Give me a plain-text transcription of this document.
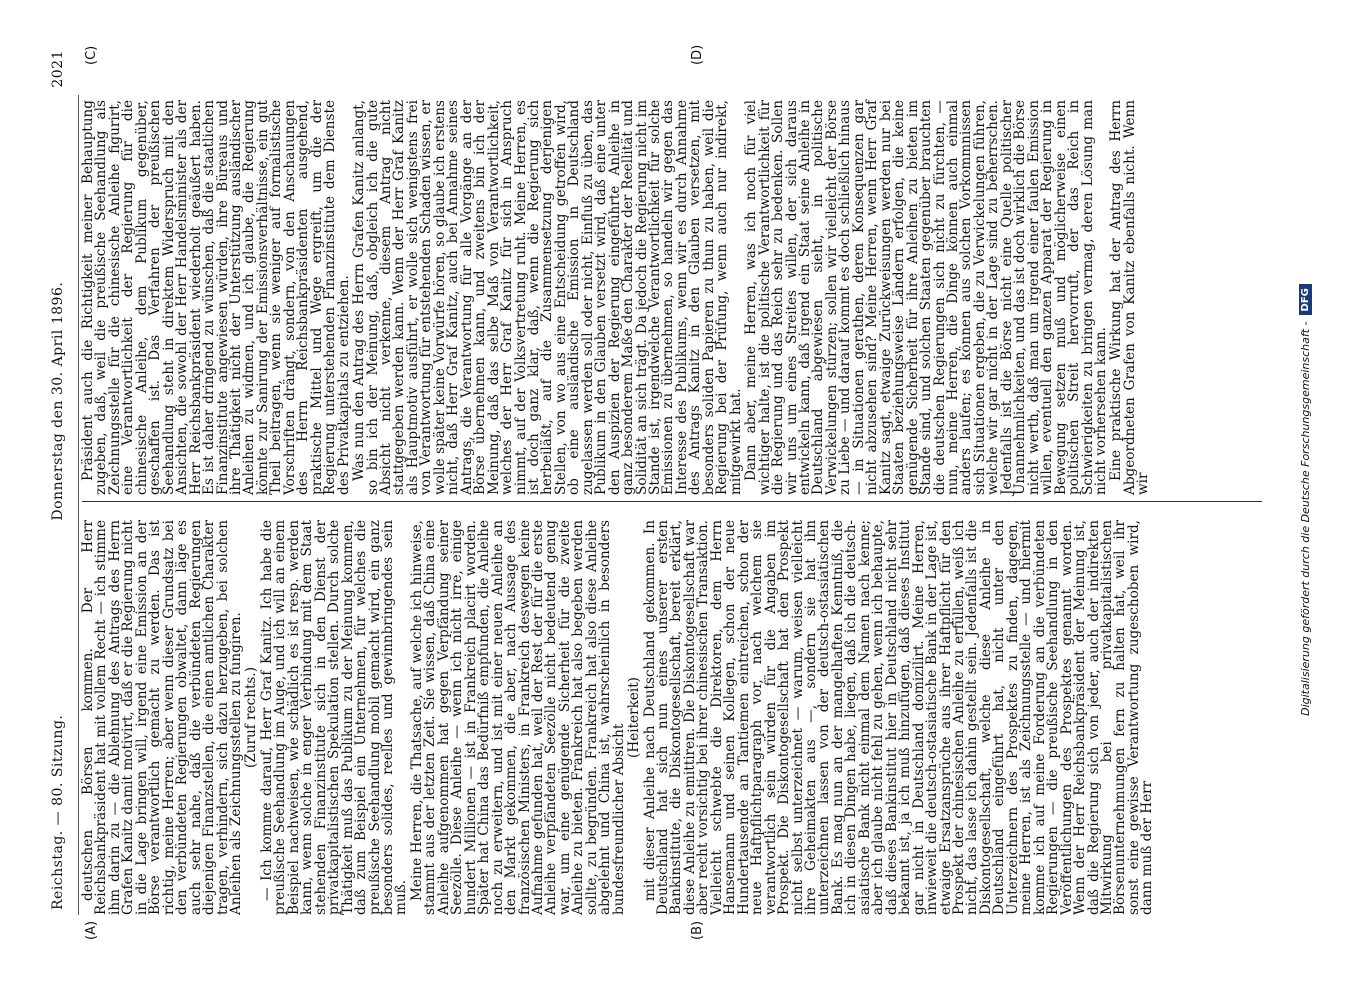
Reichstag. — 80. Sitzung.
Donnerstag den 30. April 1896.
2021
(A)	(B)
(C)	(D)

deutschen Börsen kommen. Der Herr Reichsbankpräsident hat mit vollem Recht — ich stimme ihm darin zu — die Ablehnung des Antrags des Herrn Grafen Kanitz damit motivirt, daß er die Regierung nicht in die Lage bringen will, irgend eine Emission an der Börse verantwortlich gemacht zu werden. Das ist richtig, meine Herren; aber wenn dieser Grundsatz bei den verbündeten Regierungen obwaltet, dann läge es auch sehr nahe, daß die verbündeten Regierungen diejenigen Finanzstellen, die einen amtlichen Charakter tragen, verhindern, sich dazu herzugeben, bei solchen Anleihen als Zeichnungsstellen zu fungiren. (Zuruf rechts.) — Ich komme darauf, Herr Graf Kanitz. Ich habe die preußische Seehandlung im Auge, und ich will an einem Beispiel nachweisen, wie schädlich es ist resp. werden kann, wenn solche in enger Verbindung mit dem Staat stehenden Finanzinstitute sich in den Dienst der privatkapitalistischen Spekulation stellen. Durch solche Thätigkeit muß das Publikum zu der Meinung kommen, daß zum Beispiel ein Unternehmen, für welches die preußische Seehandlung mobil gemacht wird, ein ganz besonders solides, reelles und gewinnbringendes sein muß. Meine Herren, die Thatsache, auf welche ich hinweise, stammt aus der letzten Zeit. Sie wissen, daß China eine Anleihe aufgenommen hat gegen Verpfändung seiner Seezölle. Diese Anleihe — wenn ich nicht irre, einige hundert Millionen — ist in Frankreich placirt worden. Später hat China das Bedürfniß empfunden, die Anleihe noch zu erweitern, und ist mit einer neuen Anleihe an den Markt gekommen, die aber, nach Aussage des französischen Ministers, in Frankreich deswegen keine Aufnahme gefunden hat, weil der Rest der für die erste Anleihe verpfändeten Seezölle nicht bedeutend genug war, um eine genügende Sicherheit für die zweite Anleihe zu bieten. Frankreich hat also begeben werden sollte, zu begründen. Frankreich hat also diese Anleihe abgelehnt und China ist, wahrscheinlich in besonders bundesfreundlicher Absicht

(Heiterkeit) mit dieser Anleihe nach Deutschland gekommen. In Deutschland hat sich nun eines unserer ersten Bankinstitute, die Diskontogesellschaft, bereit erklärt, diese Anleihe zu emittiren. Die Diskontogesellschaft war aber recht vorsichtig bei ihrer chinesischen Transaktion. Vielleicht schwebte die Direktoren, dem Herrn Hansemann und seinen Kollegen, schon der neue Hundertausende an Tantiemen eintreichen, schon der neue Haftpflichtparagraph vor, nach welchem sie verantwortlich sein würden für die Angaben im Prospekt. Die Diskontogesellschaft hat den Prospekt nicht selbst unterzeichnet — warum, weisen vielleicht ihre Geheimakten aus —, sondern sie hat ihn unterzeichnen lassen von der deutsch-ostasiatischen Bank. Es mag nun an der mangelhaften Kenntniß, die ich in diesen Dingen habe, liegen, daß ich die deutsch-asiatische Bank nicht einmal dem Namen nach kenne; aber ich glaube nicht fehl zu gehen, wenn ich behaupte, daß dieses Bankinstitut hier in Deutschland nicht sehr bekannt ist, ja ich muß hinzufügen, daß dieses Institut gar nicht in Deutschland domizilirt. Meine Herren, inwieweit die deutsch-ostasiatische Bank in der Lage ist, etwaige Ersatzansprüche aus ihrer Haftpflicht für den Prospekt der chinesischen Anleihe zu erfüllen, weiß ich nicht, das lasse ich dahin gestellt sein. Jedenfalls ist die Diskontogesellschaft, welche diese Anleihe in Deutschland eingeführt hat, nicht unter den Unterzeichnern des Prospektes zu finden, dagegen, meine Herren, ist als Zeichnungsstelle — und hiermit komme ich auf meine Forderung an die verbündeten Regierungen — die preußische Seehandlung in den Veröffentlichungen des Prospektes genannt worden. Wenn der Herr Reichsbankpräsident der Meinung ist, daß die Regierung sich von jeder, auch der indirekten Mitwirkung bei privatkapitalistischen Börsenunternehmungen fern zu halten hat, weil ihr sonst eine gewisse Verantwortung zugeschoben wird, dann muß der Herr

Präsident auch die Richtigkeit meiner Behauptung zugeben, daß, weil die preußische Seehandlung als Zeichnungsstelle für die chinesische Anleihe figurirt, eine Verantwortlichkeit der Regierung für die chinesische Anleihe, dem Publikum gegenüber, geschaffen ist. Das Verfahren der preußischen Seehandlung steht in direktem Widerspruch mit den Ansichten, die sowohl der Herr Handelsminister als der Herr Reichsbankpräsident wiederholt geäußert haben. Es ist daher dringend zu wünschen, daß die staatlichen Finanzinstitute angewiesen würden, ihre Büreaus und ihre Thätigkeit nicht der Unterstützung ausländischer Anleihen zu widmen, und ich glaube, die Regierung könnte zur Sanirung der Emissionsverhältnisse, ein gut Theil beitragen, wenn sie weniger auf formalistische Vorschriften drängt, sondern, von den Anschauungen des Herrn Reichsbankpräsidenten ausgehend, praktische Mittel und Wege ergreift, um die der Regierung unterstehenden Finanzinstitute dem Dienste des Privatkapitals zu entziehen. Was nun den Antrag des Herrn Grafen Kanitz anlangt, so bin ich der Meinung, daß, obgleich ich die gute Absicht nicht verkenne, diesem Antrag nicht stattgegeben werden kann. Wenn der Herr Graf Kanitz als Hauptmotiv ausführt, er wolle sich wenigstens frei von Verantwortung für entstehenden Schaden wissen, er wolle später keine Vorwürfe hören, so glaube ich erstens nicht, daß Herr Graf Kanitz, auch bei Annahme seines Antrags, die Verantwortung für alle Vorgänge an der Börse übernehmen kann, und zweitens bin ich der Meinung, daß das selbe Maß von Verantwortlichkeit, welches der Herr Graf Kanitz für sich in Anspruch nimmt, auf der Volksvertretung ruht. Meine Herren, es ist doch ganz klar, daß, wenn die Regierung sich herbeiläßt, auf die Zusammensetzung derjenigen Stellen, von wo aus eine Entscheidung getroffen wird, ob eine ausländische Emission in Deutschland zugelassen werden soll oder nicht, Einfluß zu üben, das Publikum in den Glauben versetzt wird, daß eine unter den Auspizien der Regierung eingeführte Anleihe in ganz besonderem Maße den Charakter der Reellität und Solidität an sich trägt. Da jedoch die Regierung nicht im Stande ist, irgendwelche Verantwortlichkeit für solche Emissionen zu übernehmen, so handeln wir gegen das Interesse des Publikums, wenn wir es durch Annahme des Antrags Kanitz in den Glauben versetzen, mit besonders soliden Papieren zu thun zu haben, weil die Regierung bei der Prüfung, wenn auch nur indirekt, mitgewirkt hat. Dann aber, meine Herren, was ich noch für viel wichtiger halte, ist die politische Verantwortlichkeit für die Regierung und das Reich sehr zu bedenken. Sollen wir uns um eines Streites willen, der sich daraus entwickeln kann, daß irgend ein Staat seine Anleihe in Deutschland abgewiesen sieht, in politische Verwickelungen stürzen; sollen wir vielleicht der Börse zu Liebe — und darauf kommt es doch schließlich hinaus — in Situationen gerathen, deren Konsequenzen gar nicht abzusehen sind? Meine Herren, wenn Herr Graf Kanitz sagt, etwaige Zurückweisungen werden nur bei Staaten beziehungsweise Ländern erfolgen, die keine genügende Sicherheit für ihre Anleihen zu bieten im Stande sind, und solchen Staaten gegenüber brauchten die deutschen Regierungen sich nicht zu fürchten, — nun, meine Herren, die Dinge können auch einmal anders laufen; es können aus solchen Vorkommnissen sich Situationen ergeben, die zu Verwickelungen führen, welche wir gar nicht in der Lage sind zu beherrschen. Jedenfalls ist die Börse nicht eine Quelle politischer Unannehmlichkeiten, und das ist doch wirklich die Börse nicht werth, daß man um irgend einer faulen Emission willen, eventuell den ganzen Apparat der Regierung in Bewegung setzen muß und möglicherweise einen politischen Streit hervorruft, der das Reich in Schwierigkeiten zu bringen vermag, deren Lösung man nicht vorhersehen kann. Eine praktische Wirkung hat der Antrag des Herrn Abgeordneten Grafen von Kanitz ebenfalls nicht. Wenn wir	Digitalisierung gefördert durch die Deutsche Forschungsgemeinschaft -
DFG
